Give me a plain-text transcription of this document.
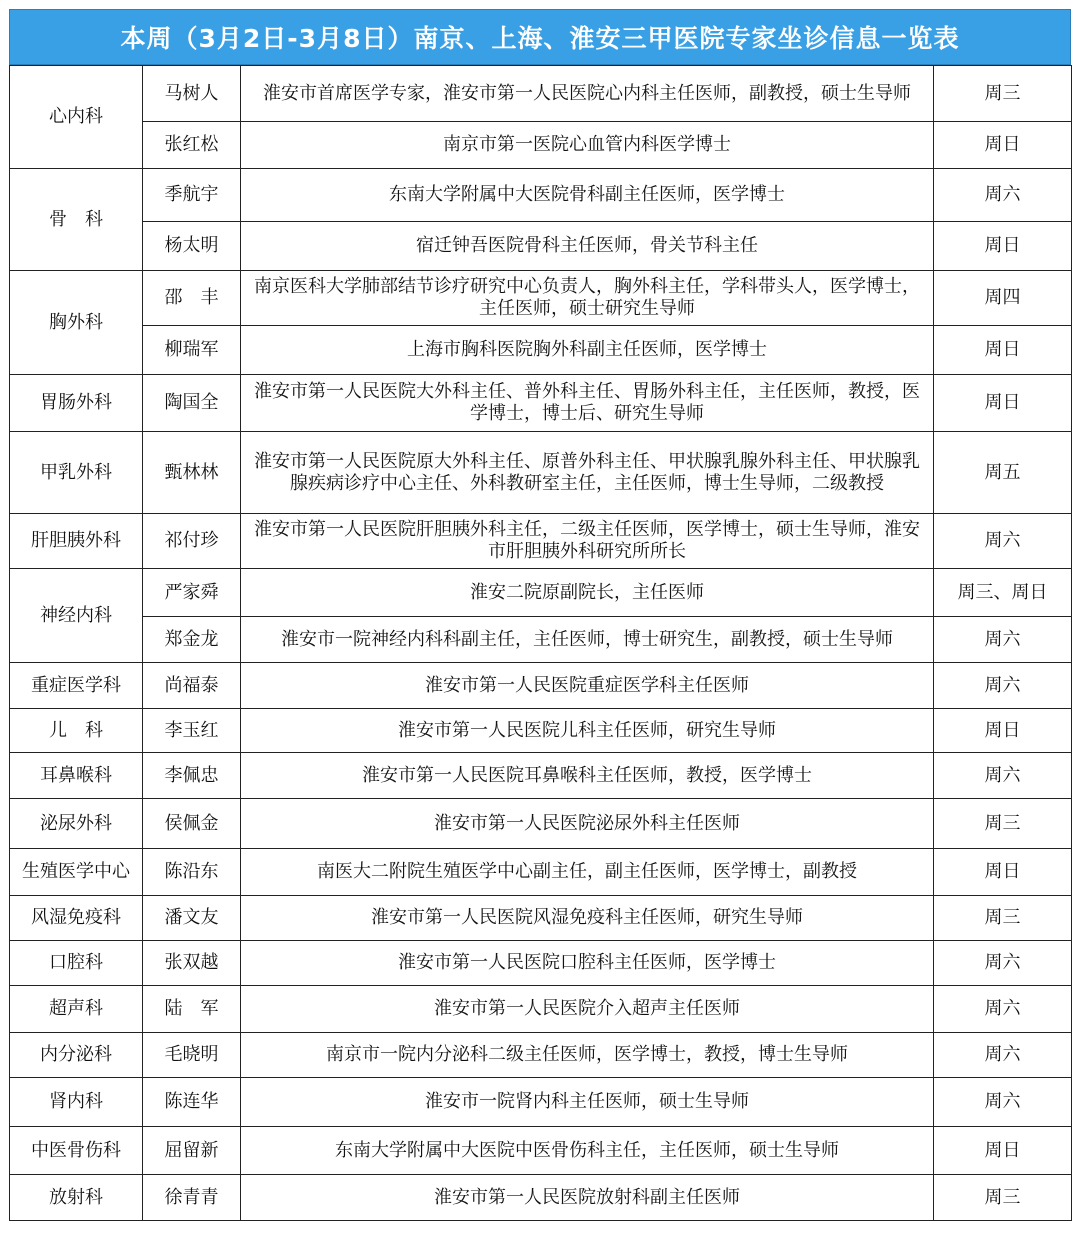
本周（3月2日-3月8日）南京、上海、淮安三甲医院专家坐诊信息一览表
心内科	马树人	淮安市首席医学专家，淮安市第一人民医院心内科主任医师，副教授，硕士生导师	周三
	张红松	南京市第一医院心血管内科医学博士	周日
骨　科	季航宇	东南大学附属中大医院骨科副主任医师，医学博士	周六
	杨太明	宿迁钟吾医院骨科主任医师，骨关节科主任	周日
胸外科	邵　丰	南京医科大学肺部结节诊疗研究中心负责人，胸外科主任，学科带头人，医学博士，主任医师，硕士研究生导师	周四
	柳瑞军	上海市胸科医院胸外科副主任医师，医学博士	周日
胃肠外科	陶国全	淮安市第一人民医院大外科主任、普外科主任、胃肠外科主任，主任医师，教授，医学博士，博士后、研究生导师	周日
甲乳外科	甄林林	淮安市第一人民医院原大外科主任、原普外科主任、甲状腺乳腺外科主任、甲状腺乳腺疾病诊疗中心主任、外科教研室主任，主任医师，博士生导师，二级教授	周五
肝胆胰外科	祁付珍	淮安市第一人民医院肝胆胰外科主任，二级主任医师，医学博士，硕士生导师，淮安市肝胆胰外科研究所所长	周六
神经内科	严家舜	淮安二院原副院长，主任医师	周三、周日
	郑金龙	淮安市一院神经内科科副主任，主任医师，博士研究生，副教授，硕士生导师	周六
重症医学科	尚福泰	淮安市第一人民医院重症医学科主任医师	周六
儿　科	李玉红	淮安市第一人民医院儿科主任医师，研究生导师	周日
耳鼻喉科	李佩忠	淮安市第一人民医院耳鼻喉科主任医师，教授，医学博士	周六
泌尿外科	侯佩金	淮安市第一人民医院泌尿外科主任医师	周三
生殖医学中心	陈沿东	南医大二附院生殖医学中心副主任，副主任医师，医学博士，副教授	周日
风湿免疫科	潘文友	淮安市第一人民医院风湿免疫科主任医师，研究生导师	周三
口腔科	张双越	淮安市第一人民医院口腔科主任医师，医学博士	周六
超声科	陆　军	淮安市第一人民医院介入超声主任医师	周六
内分泌科	毛晓明	南京市一院内分泌科二级主任医师，医学博士，教授，博士生导师	周六
肾内科	陈连华	淮安市一院肾内科主任医师，硕士生导师	周六
中医骨伤科	屈留新	东南大学附属中大医院中医骨伤科主任，主任医师，硕士生导师	周日
放射科	徐青青	淮安市第一人民医院放射科副主任医师	周三
